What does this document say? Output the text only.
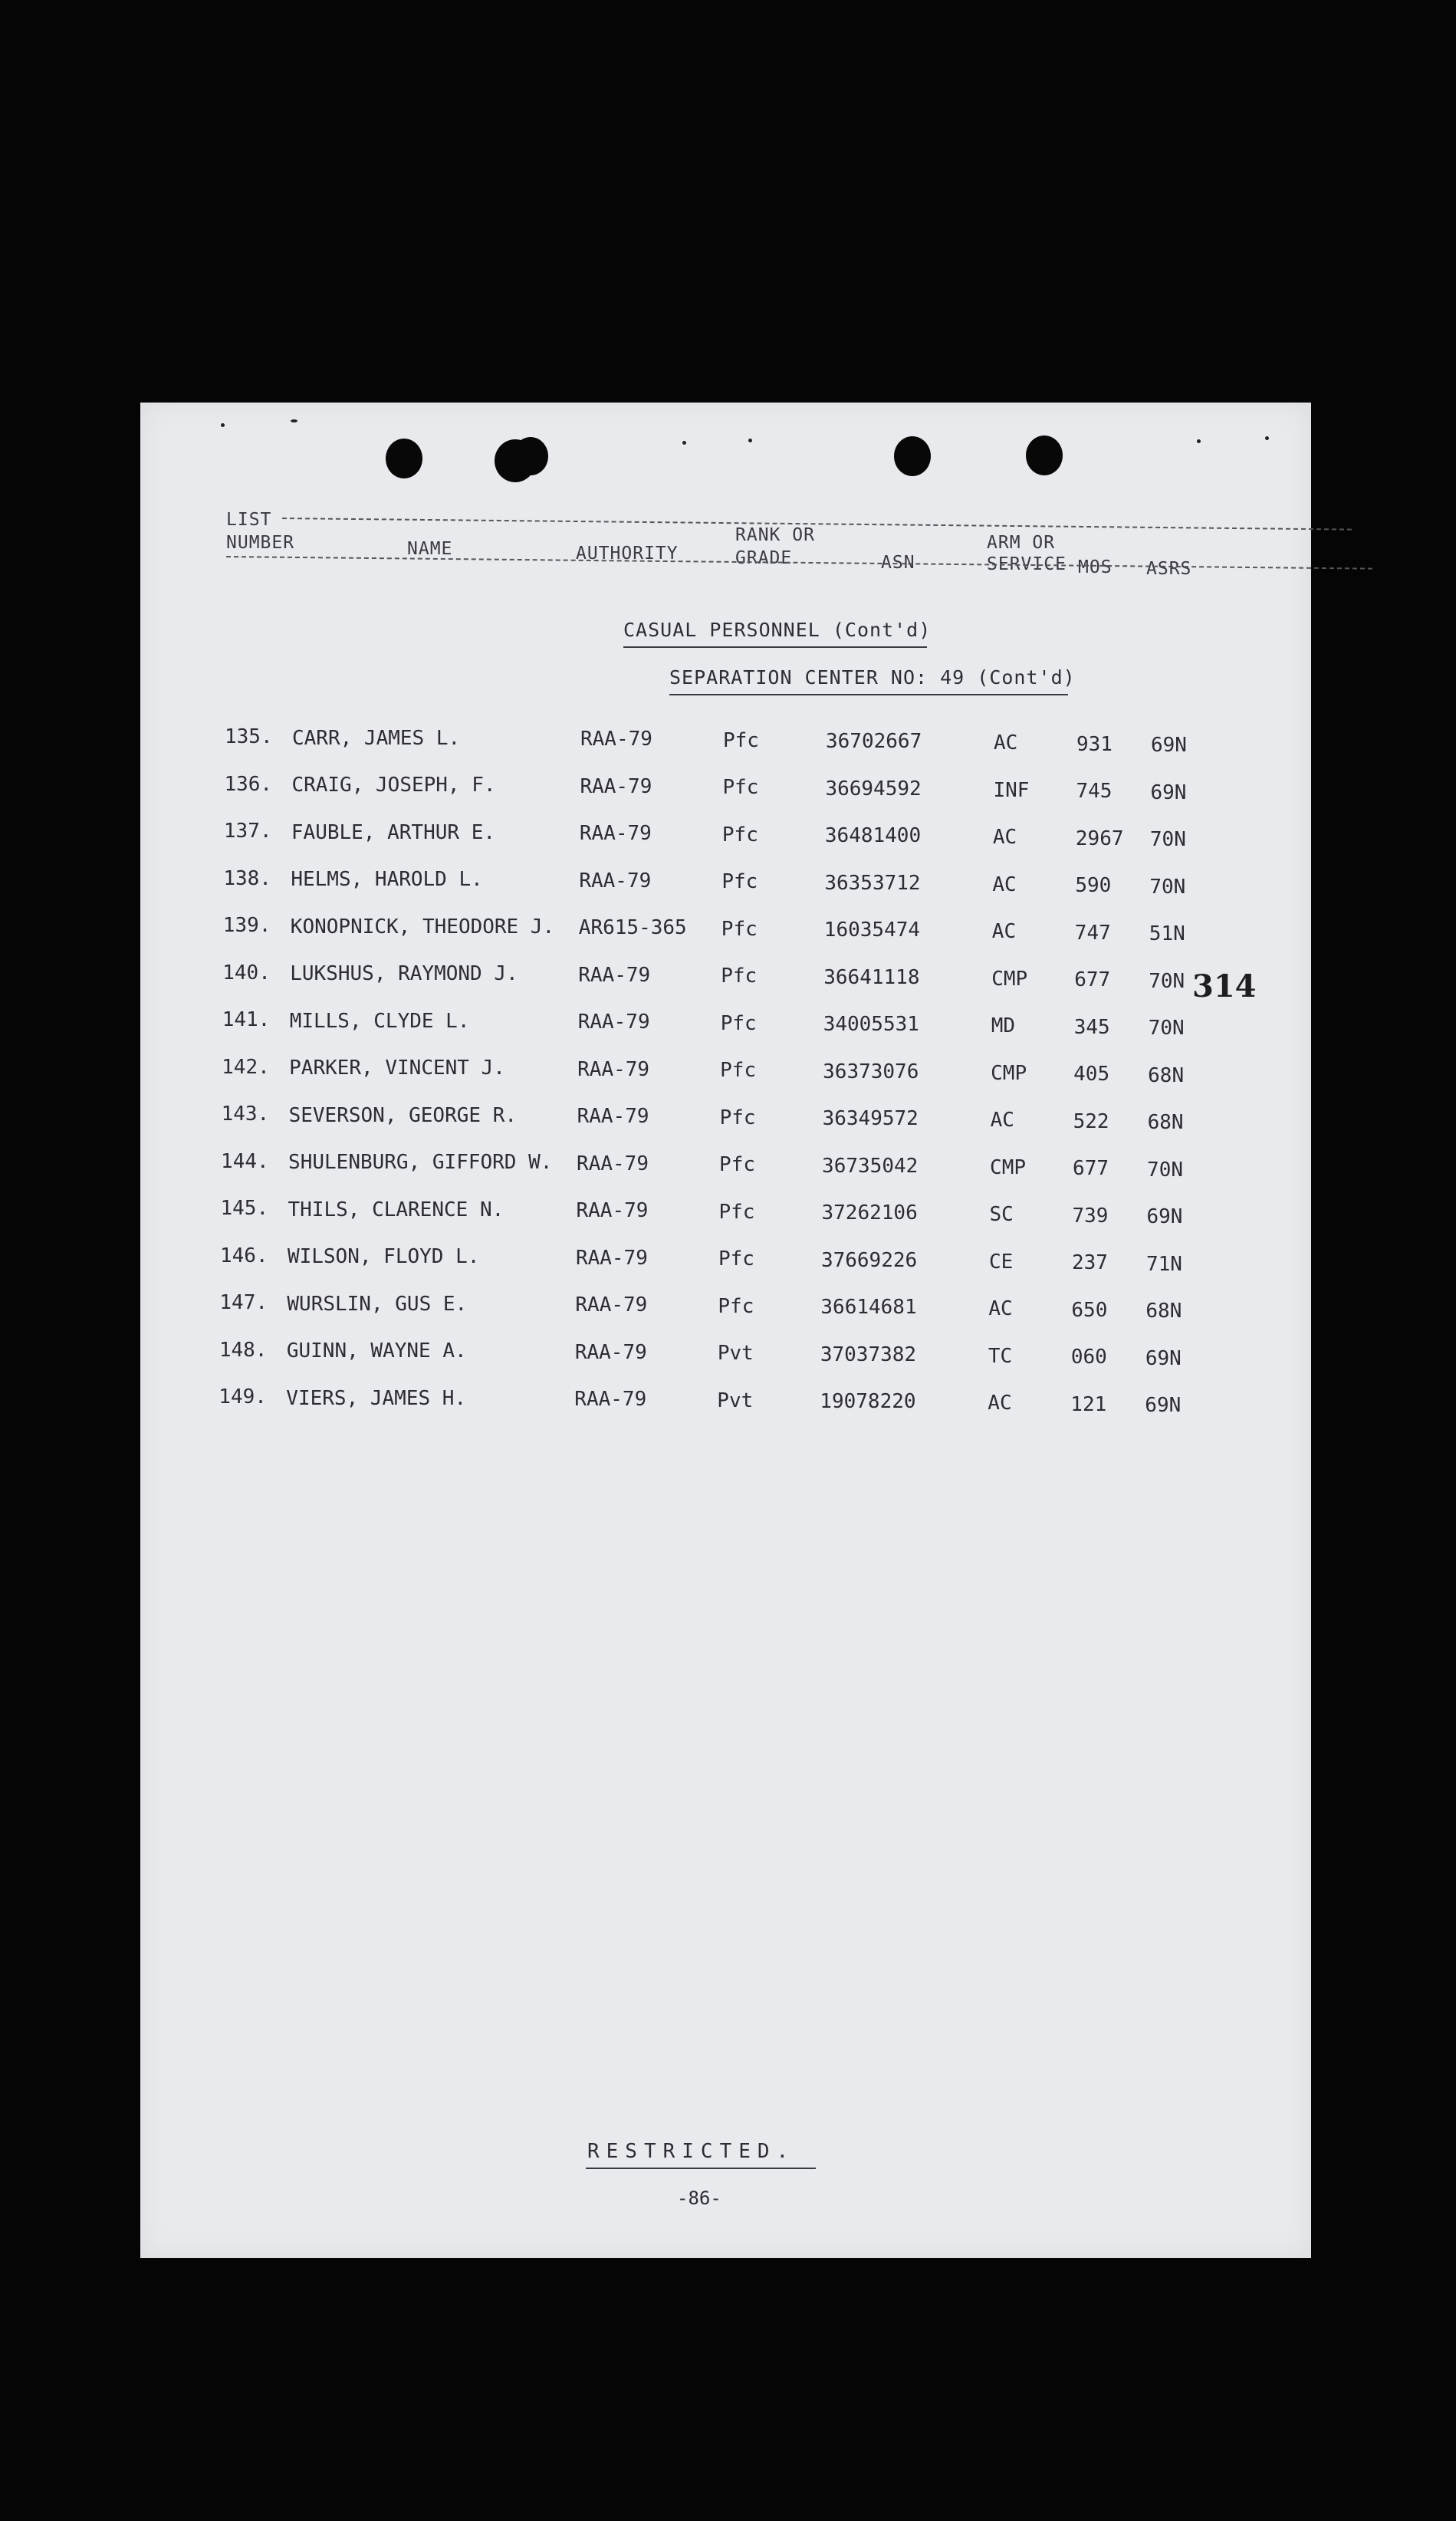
LIST
NUMBER	NAME	AUTHORITY
RANK OR
GRADE	ASN
ARM OR
SERVICE MOS ASRS
CASUAL PERSONNEL (Cont'd)
SEPARATION CENTER NO: 49 (Cont'd)
135. CARR, JAMES L.	RAA-79	Pfc	36702667	AC	931 69N
136. CRAIG, JOSEPH, F.	RAA-79	Pfc	36694592	INF 745 69N
137. FAUBLE, ARTHUR E.	RAA-79	Pfc	36481400	AC	2967 70N
138. HELMS, HAROLD L.	RAA-79	Pfc	36353712	AC	590 70N
139. KONOPNICK, THEODORE J. AR615-365 Pfc	16035474	AC	747 51N
140. LUKSHUS, RAYMOND J.	RAA-79	Pfc	36641118	CMP 677 70N
141. MILLS, CLYDE L.	RAA-79	Pfc	34005531	MD	345 70N
142. PARKER, VINCENT J.	RAA-79	Pfc	36373076	CMP 405 68N
143. SEVERSON, GEORGE R.	RAA-79	Pfc	36349572	AC	522 68N
144. SHULENBURG, GIFFORD W. RAA-79	Pfc	36735042	CMP 677 70N
145. THILS, CLARENCE N.	RAA-79	Pfc	37262106	SC	739 69N
146. WILSON, FLOYD L.	RAA-79	Pfc	37669226	CE	237 71N
147. WURSLIN, GUS E.	RAA-79	Pfc	36614681	AC	650 68N
148. GUINN, WAYNE A.	RAA-79	Pvt	37037382	TC	060 69N
149. VIERS, JAMES H.	RAA-79	Pvt	19078220	AC	121 69N
314
RESTRICTED.
-86-
